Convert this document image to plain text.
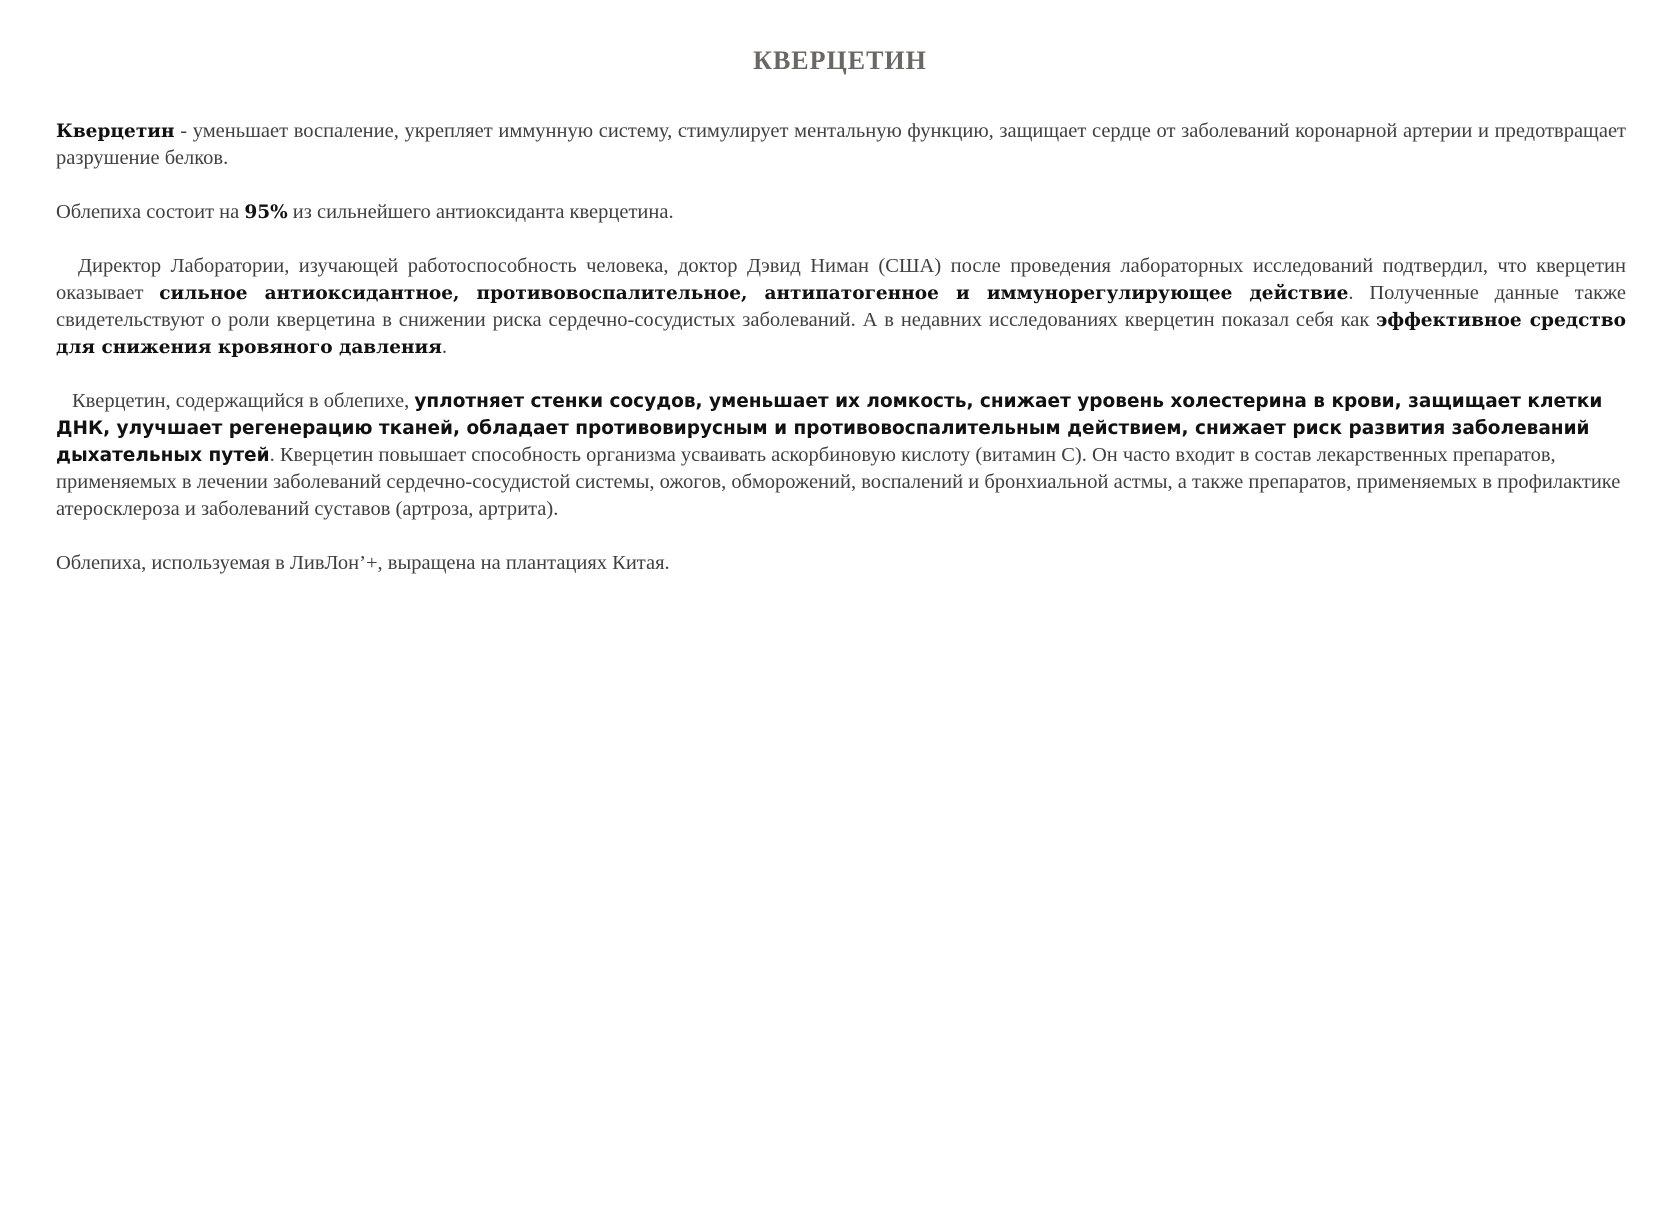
КВЕРЦЕТИН

Кверцетин - уменьшает воспаление, укрепляет иммунную систему, стимулирует ментальную функцию, защищает сердце от заболеваний коронарной артерии и предотвращает разрушение белков.

Облепиха состоит на 95% из сильнейшего антиоксиданта кверцетина.

Директор Лаборатории, изучающей работоспособность человека, доктор Дэвид Ниман (США) после проведения лабораторных исследований подтвердил, что кверцетин оказывает сильное антиоксидантное, противовоспалительное, антипатогенное и иммунорегулирующее действие. Полученные данные также свидетельствуют о роли кверцетина в снижении риска сердечно-сосудистых заболеваний. А в недавних исследованиях кверцетин показал себя как эффективное средство для снижения кровяного давления.

Кверцетин, содержащийся в облепихе, уплотняет стенки сосудов, уменьшает их ломкость, снижает уровень холестерина в крови, защищает клетки ДНК, улучшает регенерацию тканей, обладает противовирусным и противовоспалительным действием, снижает риск развития заболеваний дыхательных путей. Кверцетин повышает способность организма усваивать аскорбиновую кислоту (витамин С). Он часто входит в состав лекарственных препаратов, применяемых в лечении заболеваний сердечно-сосудистой системы, ожогов, обморожений, воспалений и бронхиальной астмы, а также препаратов, применяемых в профилактике атеросклероза и заболеваний суставов (артроза, артрита).

Облепиха, используемая в ЛивЛон’+, выращена на плантациях Китая.
